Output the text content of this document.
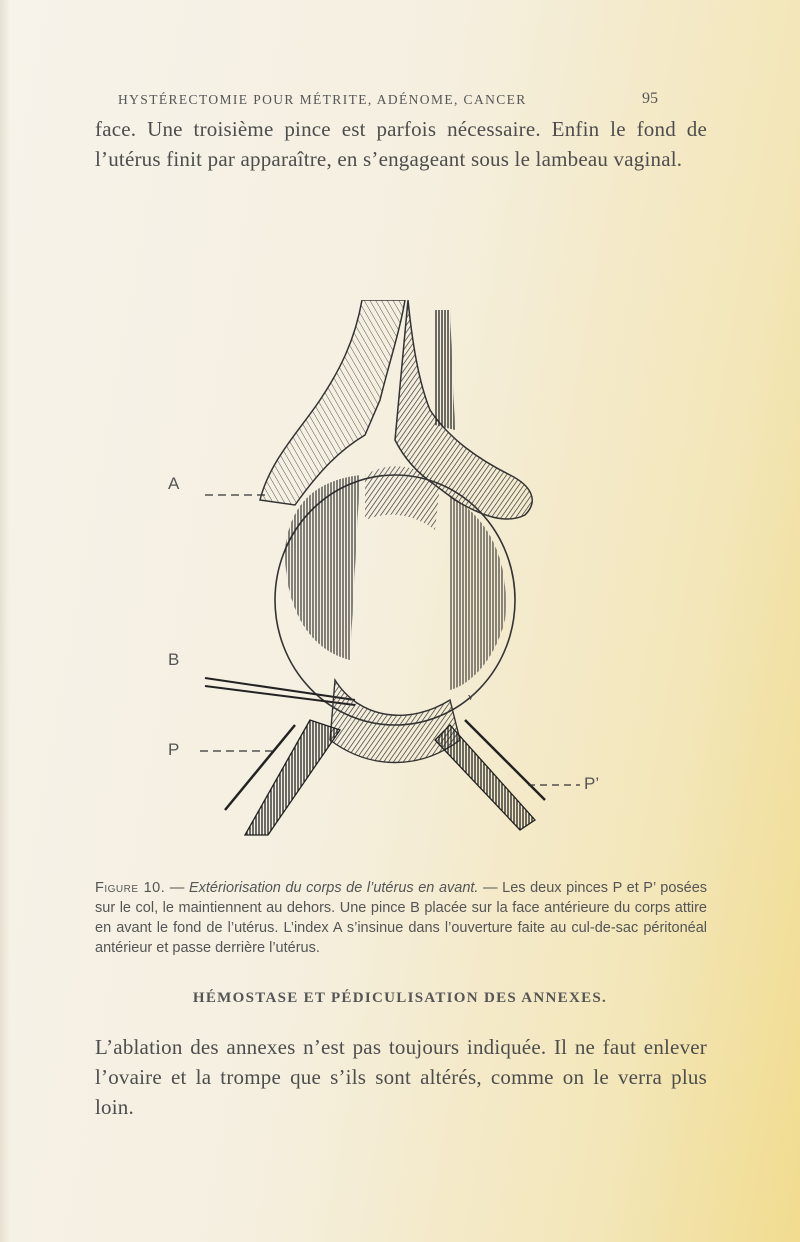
HYSTÉRECTOMIE POUR MÉTRITE, ADÉNOME, CANCER	95

face. Une troisième pince est parfois nécessaire. Enfin le fond de l’utérus finit par apparaître, en s’engageant sous le lambeau vaginal.

v
A
B
P
P’

Figure 10. — Extériorisation du corps de l’utérus en avant. — Les deux pinces P et P’ posées sur le col, le maintiennent au dehors. Une pince B placée sur la face antérieure du corps attire en avant le fond de l’utérus. L’index A s’insinue dans l’ouverture faite au cul-de-sac péritonéal antérieur et passe derrière l’utérus.

HÉMOSTASE ET PÉDICULISATION DES ANNEXES.

L’ablation des annexes n’est pas toujours indiquée. Il ne faut enlever l’ovaire et la trompe que s’ils sont altérés, comme on le verra plus loin.
